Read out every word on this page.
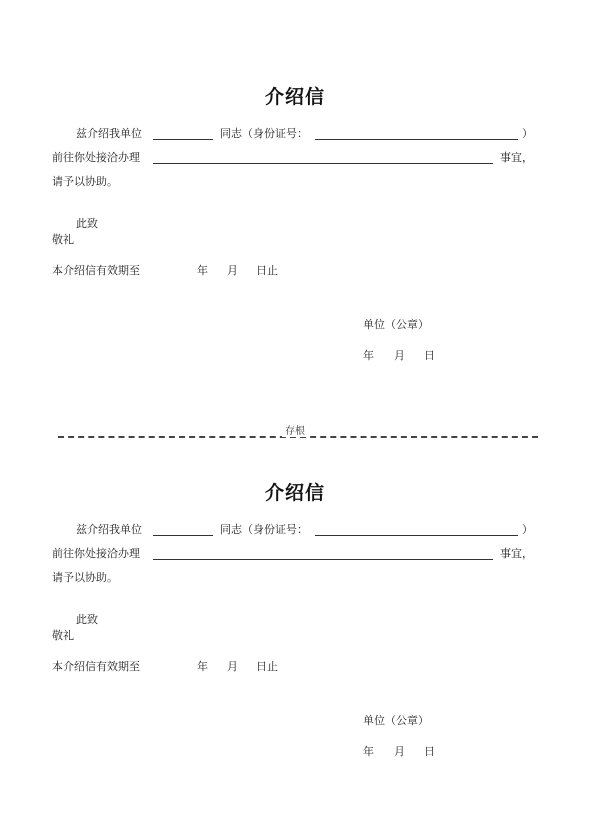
介绍信
兹介绍我单位	同志（身份证号：	）
前往你处接洽办理	事宜，
请予以协助。
此致
敬礼
本介绍信有效期至	年 月 日止
单位（公章）
年 月 日
存根
介绍信
兹介绍我单位	同志（身份证号：	）
前往你处接洽办理	事宜，
请予以协助。
此致
敬礼
本介绍信有效期至	年 月 日止
单位（公章）
年 月 日
